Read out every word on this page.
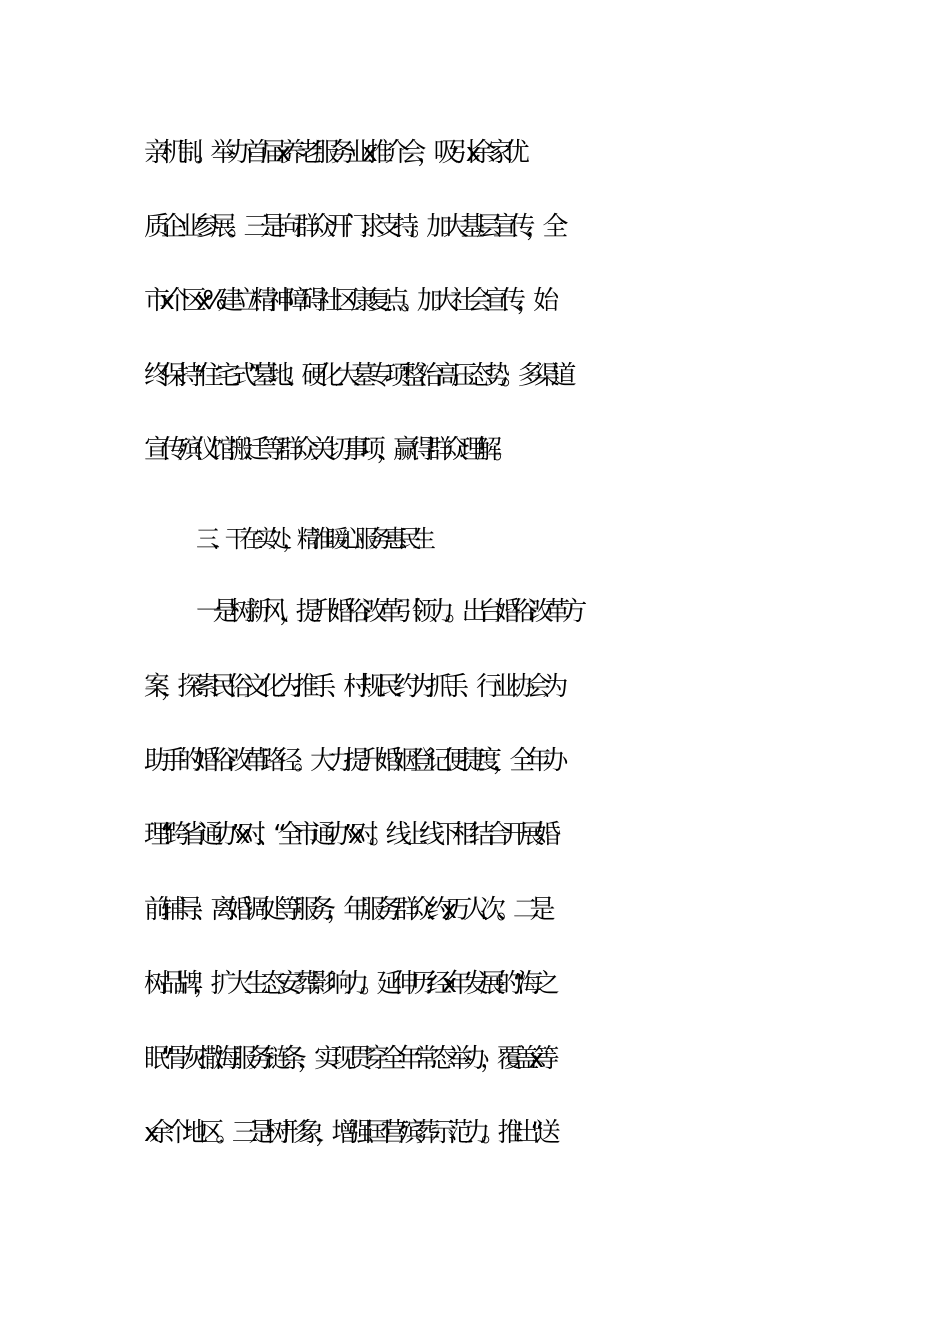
亲机制。举办首届 x 养老服务业 x 推介会，吸引 x 余家优
质企业参展。三是向群众开门求支持。加大基层宣传，全
市 x 个区 x%建立精神障碍社区康复点。加大社会宣传，始
终保持“住宅式”墓地、硬化大墓专项整治高压态势。多渠道
宣传殡仪馆搬迁等群众关切事项，赢得群众理解。
三、干在实处，精准暖心服务惠民生
一是树新风，提升婚俗改革引领力。出台婚俗改革方
案，探索民俗文化为推手、村规民约为抓手、行业协会为
助手的婚俗改革路径。大力提升婚姻登记便捷度，全年办
理“跨省通办”x 对、“全市通办”x 对。线上线下相结合开展婚
前辅导、离婚调处等服务，年服务群众约 x 万人次。二是
树品牌，扩大生态安葬影响力。延伸历经 x 年发展的“海之
眠”骨灰撒海服务链条，实现贯穿全年常态举办，覆盖 x 等
x 余个地区。三是树形象，增强国营殡葬示范力。推出“送
